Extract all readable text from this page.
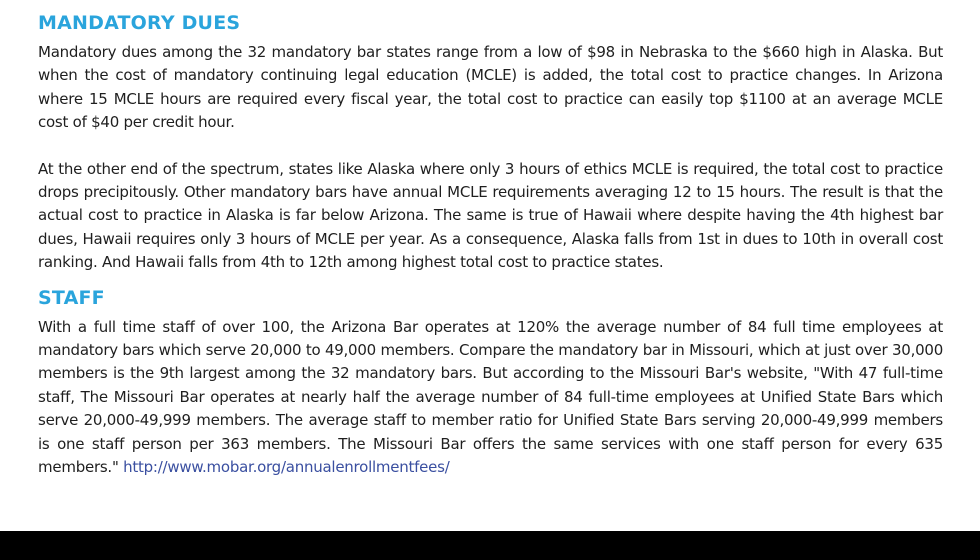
MANDATORY DUES

Mandatory dues among the 32 mandatory bar states range from a low of $98 in Nebraska to the $660 high in Alaska. But when the cost of mandatory continuing legal education (MCLE) is added, the total cost to practice changes. In Arizona where 15 MCLE hours are required every fiscal year, the total cost to practice can easily top $1100 at an average MCLE cost of $40 per credit hour.

At the other end of the spectrum, states like Alaska where only 3 hours of ethics MCLE is required, the total cost to practice drops precipitously. Other mandatory bars have annual MCLE requirements averaging 12 to 15 hours. The result is that the actual cost to practice in Alaska is far below Arizona. The same is true of Hawaii where despite having the 4th highest bar dues, Hawaii requires only 3 hours of MCLE per year. As a consequence, Alaska falls from 1st in dues to 10th in overall cost ranking. And Hawaii falls from 4th to 12th among highest total cost to practice states.

STAFF

With a full time staff of over 100, the Arizona Bar operates at 120% the average number of 84 full time employees at mandatory bars which serve 20,000 to 49,000 members. Compare the mandatory bar in Missouri, which at just over 30,000 members is the 9th largest among the 32 mandatory bars. But according to the Missouri Bar's website, "With 47 full-time staff, The Missouri Bar operates at nearly half the average number of 84 full-time employees at Unified State Bars which serve 20,000-49,999 members. The average staff to member ratio for Unified State Bars serving 20,000-49,999 members is one staff person per 363 members. The Missouri Bar offers the same services with one staff person for every 635 members." http://www.mobar.org/annualenrollmentfees/
